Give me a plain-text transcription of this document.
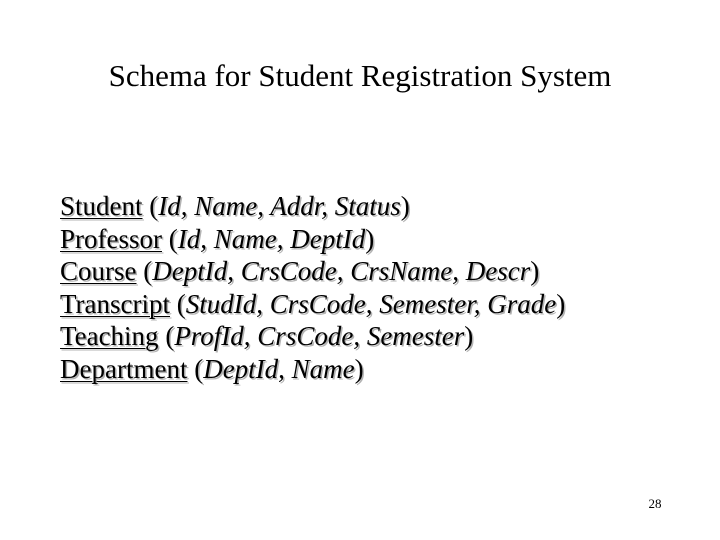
Schema for Student Registration System
Student (Id, Name, Addr, Status)
Professor (Id, Name, DeptId)
Course (DeptId, CrsCode, CrsName, Descr)
Transcript (StudId, CrsCode, Semester, Grade)
Teaching (ProfId, CrsCode, Semester)
Department (DeptId, Name)
28
